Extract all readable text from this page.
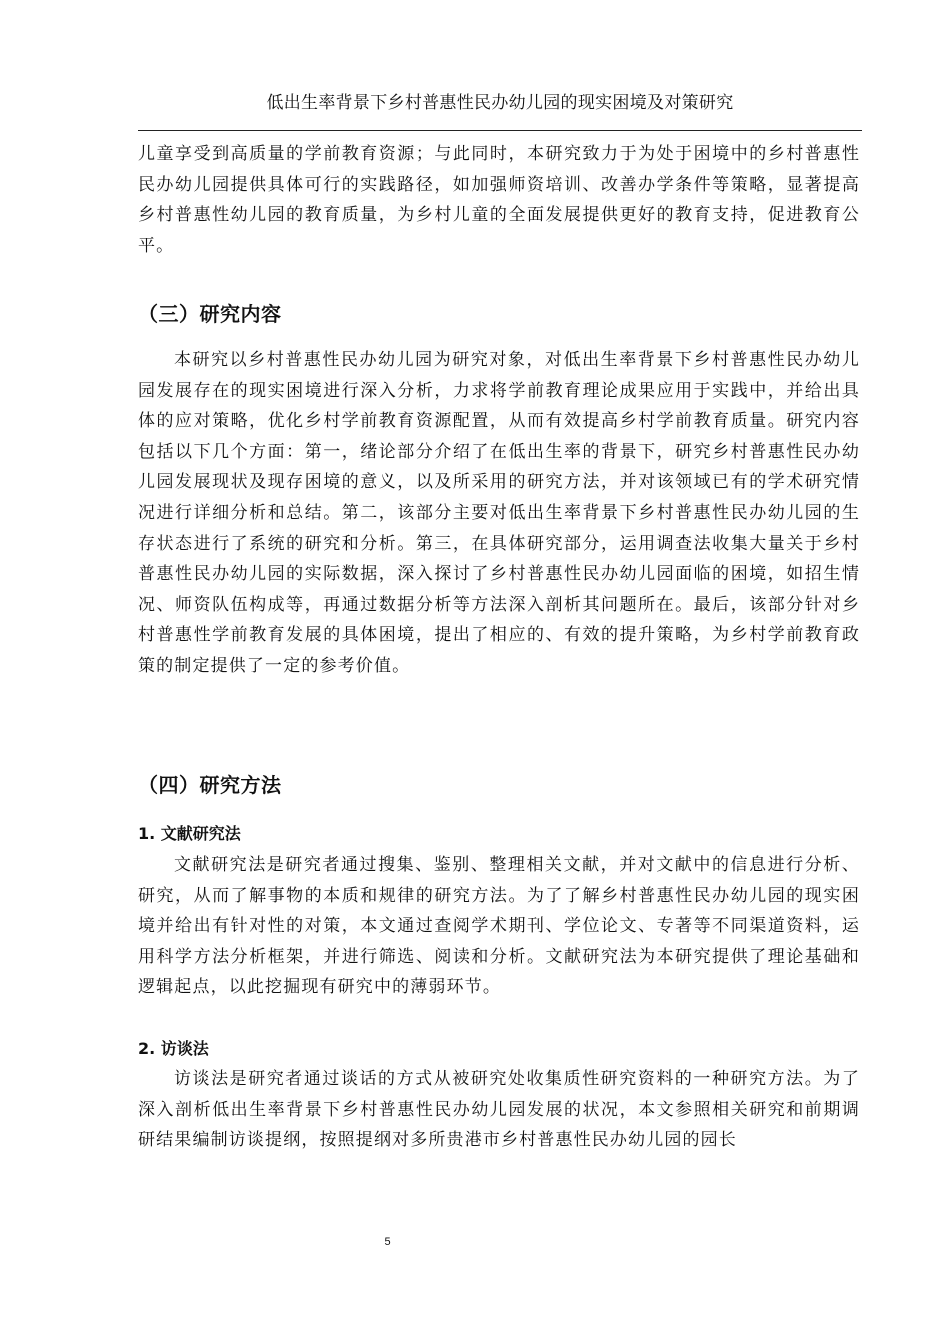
低出生率背景下乡村普惠性民办幼儿园的现实困境及对策研究

儿童享受到高质量的学前教育资源；与此同时，本研究致力于为处于困境中的乡村普惠性民办幼儿园提供具体可行的实践路径，如加强师资培训、改善办学条件等策略，显著提高乡村普惠性幼儿园的教育质量，为乡村儿童的全面发展提供更好的教育支持，促进教育公平。

（三）研究内容

本研究以乡村普惠性民办幼儿园为研究对象，对低出生率背景下乡村普惠性民办幼儿园发展存在的现实困境进行深入分析，力求将学前教育理论成果应用于实践中，并给出具体的应对策略，优化乡村学前教育资源配置，从而有效提高乡村学前教育质量。研究内容包括以下几个方面：第一，绪论部分介绍了在低出生率的背景下，研究乡村普惠性民办幼儿园发展现状及现存困境的意义，以及所采用的研究方法，并对该领域已有的学术研究情况进行详细分析和总结。第二，该部分主要对低出生率背景下乡村普惠性民办幼儿园的生存状态进行了系统的研究和分析。第三，在具体研究部分，运用调查法收集大量关于乡村普惠性民办幼儿园的实际数据，深入探讨了乡村普惠性民办幼儿园面临的困境，如招生情况、师资队伍构成等，再通过数据分析等方法深入剖析其问题所在。最后，该部分针对乡村普惠性学前教育发展的具体困境，提出了相应的、有效的提升策略，为乡村学前教育政策的制定提供了一定的参考价值。

（四）研究方法
1. 文献研究法

文献研究法是研究者通过搜集、鉴别、整理相关文献，并对文献中的信息进行分析、研究，从而了解事物的本质和规律的研究方法。为了了解乡村普惠性民办幼儿园的现实困境并给出有针对性的对策，本文通过查阅学术期刊、学位论文、专著等不同渠道资料，运用科学方法分析框架，并进行筛选、阅读和分析。文献研究法为本研究提供了理论基础和逻辑起点，以此挖掘现有研究中的薄弱环节。

2. 访谈法

访谈法是研究者通过谈话的方式从被研究处收集质性研究资料的一种研究方法。为了深入剖析低出生率背景下乡村普惠性民办幼儿园发展的状况，本文参照相关研究和前期调研结果编制访谈提纲，按照提纲对多所贵港市乡村普惠性民办幼儿园的园长

5
